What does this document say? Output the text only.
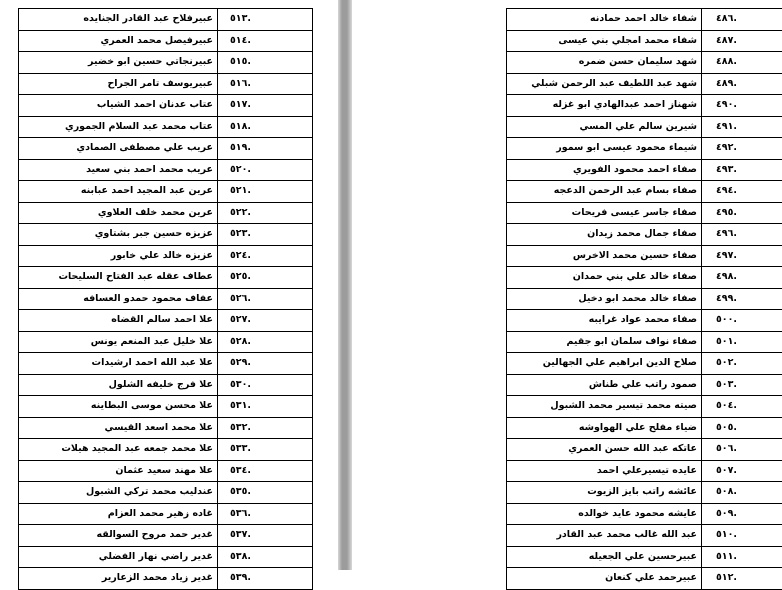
عبيرفلاح عبد القادر الجنايده	٥١٣.
عبيرفيصل محمد العمري	٥١٤.
عبيرنجاتي حسين ابو خضير	٥١٥.
عبيريوسف تامر الجراح	٥١٦.
عتاب عدنان احمد الشياب	٥١٧.
عتاب محمد عبد السلام الجموري	٥١٨.
عريب علي مصطفى الصمادي	٥١٩.
عريب محمد احمد بني سعيد	٥٢٠.
عرين عبد المجيد احمد عبابنه	٥٢١.
عرين محمد خلف العلاوي	٥٢٢.
عزيزه حسين جبر بشتاوي	٥٢٣.
عزيزه خالد علي خابور	٥٢٤.
عطاف عقله عبد الفتاح السليحات	٥٢٥.
عفاف محمود حمدو العسافه	٥٢٦.
علا احمد سالم القضاه	٥٢٧.
علا خليل عبد المنعم يونس	٥٢٨.
علا عبد الله احمد ارشيدات	٥٢٩.
علا فرج خليفه الشلول	٥٣٠.
علا محسن موسى البطاينه	٥٣١.
علا محمد اسعد القيسي	٥٣٢.
علا محمد جمعه عبد المجيد هيلات	٥٣٣.
علا مهند سعيد عثمان	٥٣٤.
عندليب محمد تركي الشبول	٥٣٥.
غاده زهير محمد العزام	٥٣٦.
غدير حمد مروح السوالقه	٥٣٧.
غدير راضي نهار الفضلي	٥٣٨.
غدير زياد محمد الزعارير	٥٣٩.
شفاء خالد احمد حمادنه	٤٨٦.
شفاء محمد امجلي بني عيسى	٤٨٧.
شهد سليمان حسن ضمره	٤٨٨.
شهد عبد اللطيف عبد الرحمن شبلي	٤٨٩.
شهناز احمد عبدالهادي ابو غزله	٤٩٠.
شيرين سالم علي المسي	٤٩١.
شيماء محمود عيسى ابو سمور	٤٩٢.
صفاء احمد محمود الفويري	٤٩٣.
صفاء بسام عبد الرحمن الدعجه	٤٩٤.
صفاء جاسر عيسى فريحات	٤٩٥.
صفاء جمال محمد زيدان	٤٩٦.
صفاء حسين محمد الاخرس	٤٩٧.
صفاء خالد علي بني حمدان	٤٩٨.
صفاء خالد محمد ابو دخيل	٤٩٩.
صفاء محمد عواد غرايبه	٥٠٠.
صفاء نواف سلمان ابو جقيم	٥٠١.
صلاح الدين ابراهيم علي الجهالين	٥٠٢.
صمود راتب علي طناش	٥٠٣.
صيته محمد تيسير محمد الشبول	٥٠٤.
ضياء مفلح علي الهواوشه	٥٠٥.
عاتكه عبد الله حسن العمري	٥٠٦.
عايده تيسيرعلي احمد	٥٠٧.
عائشه راتب بايز الزيوت	٥٠٨.
عايشه محمود عايد خوالده	٥٠٩.
عبد الله غالب محمد عبد القادر	٥١٠.
عبيرحسين علي الجعيله	٥١١.
عبيرحمد علي كنعان	٥١٢.
